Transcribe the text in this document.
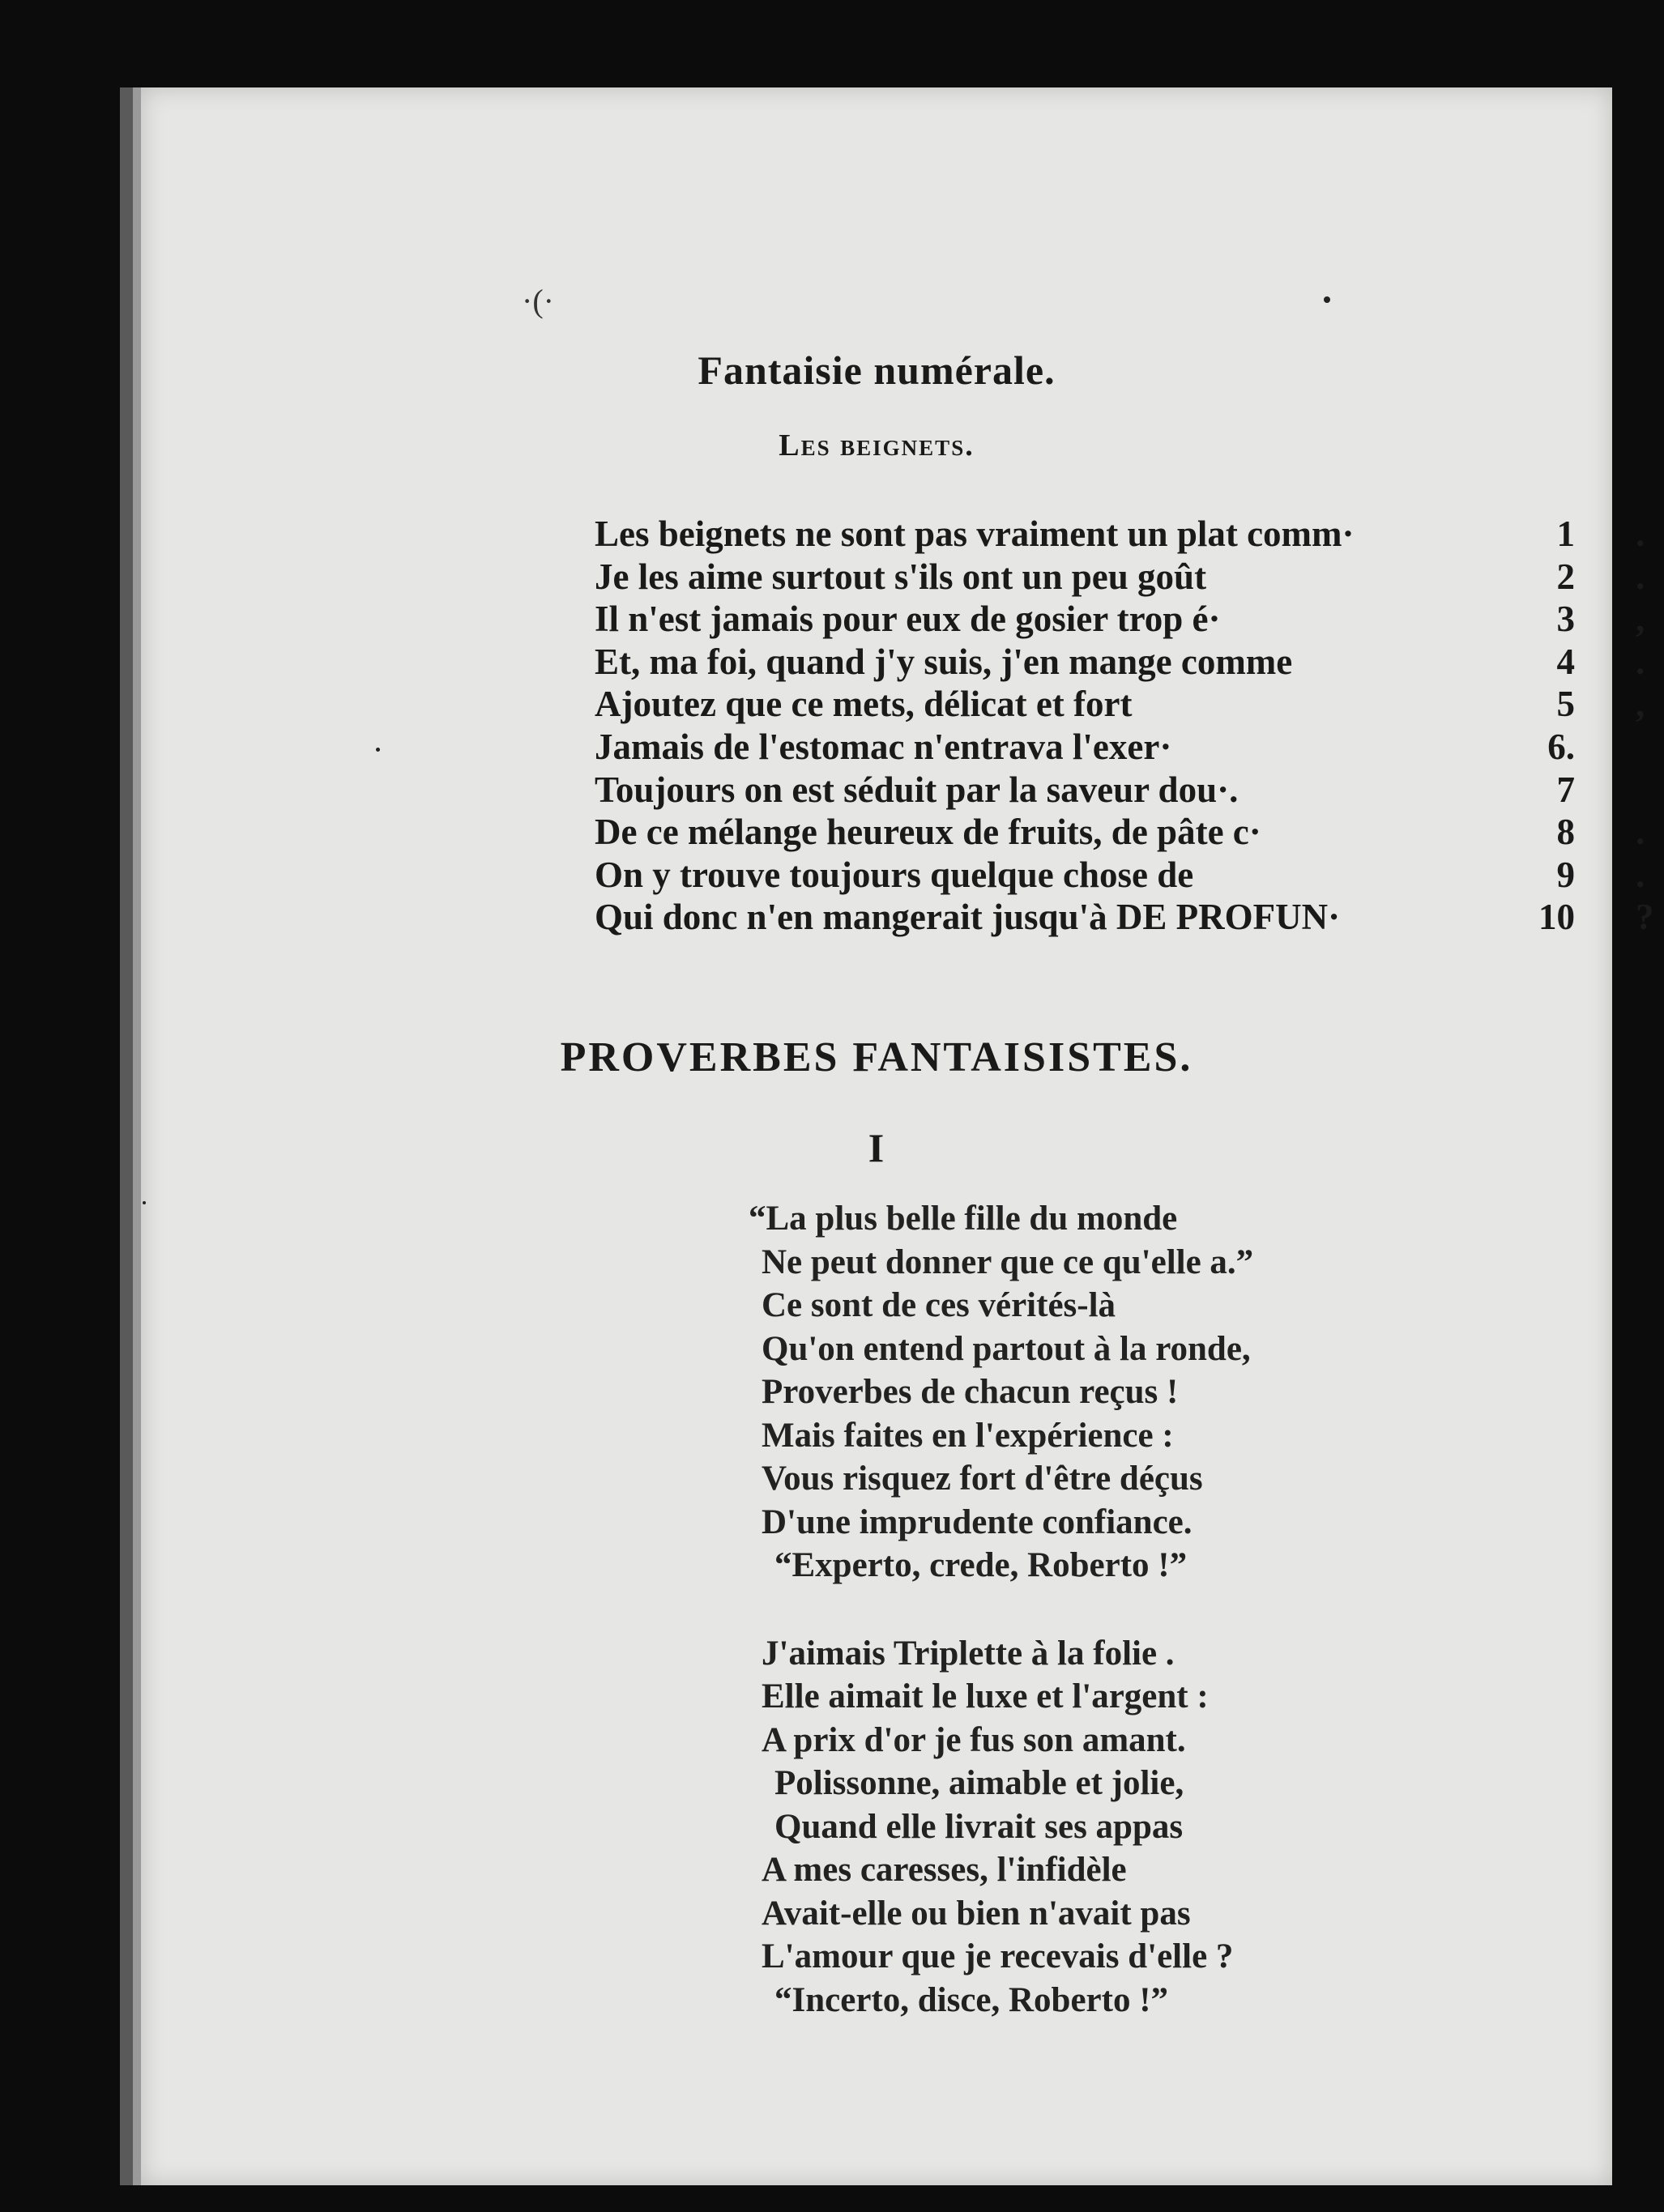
·(·
Fantaisie numérale.
Les beignets.
Les beignets ne sont pas vraiment un plat comm·	1 .
Je les aime surtout s'ils ont un peu goût	2 .
Il n'est jamais pour eux de gosier trop é·	3 ,
Et, ma foi, quand j'y suis, j'en mange comme	4 .
Ajoutez que ce mets, délicat et fort	5 ,
Jamais de l'estomac n'entrava l'exer·	6.
Toujours on est séduit par la saveur dou·.	7
De ce mélange heureux de fruits, de pâte c·	8 .
On y trouve toujours quelque chose de	9 .
Qui donc n'en mangerait jusqu'à DE PROFUN·	10 ?
PROVERBES FANTAISISTES.
I
“La plus belle fille du monde
Ne peut donner que ce qu'elle a.”
Ce sont de ces vérités-là
Qu'on entend partout à la ronde,
Proverbes de chacun reçus !
Mais faites en l'expérience :
Vous risquez fort d'être déçus
D'une imprudente confiance.
“Experto, crede, Roberto !”
J'aimais Triplette à la folie .
Elle aimait le luxe et l'argent :
A prix d'or je fus son amant.
Polissonne, aimable et jolie,
Quand elle livrait ses appas
A mes caresses, l'infidèle
Avait-elle ou bien n'avait pas
L'amour que je recevais d'elle ?
“Incerto, disce, Roberto !”
